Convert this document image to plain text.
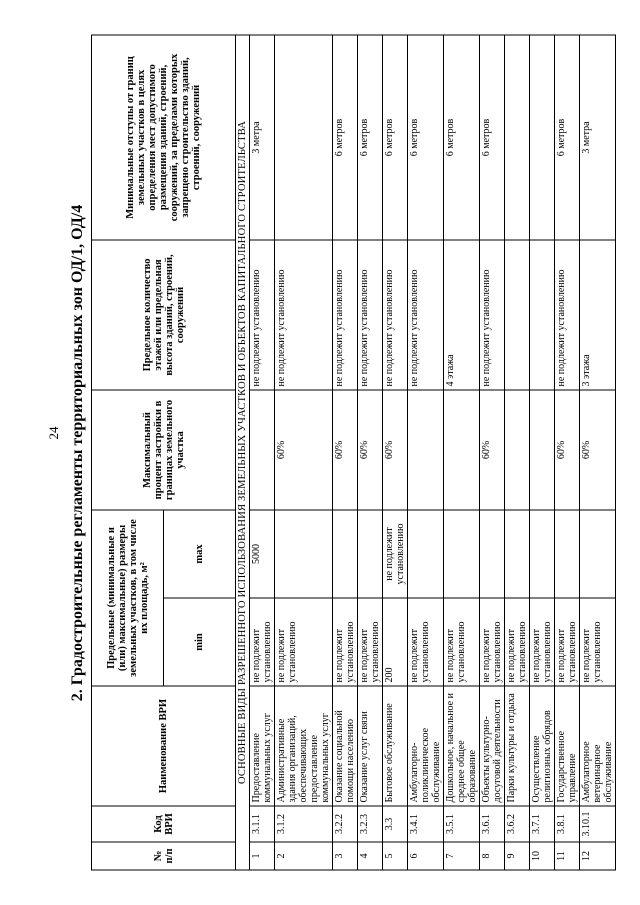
24 2. Градостроительные регламенты территориальных зон ОД/1, ОД/4

№ п/п	Код ВРИ	Наименование ВРИ	Предельные (минимальные и (или) максимальные) размеры земельных участков, в том числе их площадь, м²		Максимальный процент застройки в границах земельного участка	Предельное количество этажей или предельная высота зданий, строений, сооружений	Минимальные отступы от границ земельных участков в целях определения мест допустимого размещения зданий, строений, сооружений, за пределами которых запрещено строительство зданий, строений, сооружений
			min	max			
ОСНОВНЫЕ ВИДЫ РАЗРЕШЕННОГО ИСПОЛЬЗОВАНИЯ ЗЕМЕЛЬНЫХ УЧАСТКОВ И ОБЪЕКТОВ КАПИТАЛЬНОГО СТРОИТЕЛЬСТВА							
1	3.1.1	Предоставление коммунальных услуг	не подлежит установлению	5000		не подлежит установлению	3 метра
2	3.1.2	Административные здания организаций, обеспечивающих предоставление коммунальных услуг	не подлежит установлению		60%	не подлежит установлению	
3	3.2.2	Оказание социальной помощи населению	не подлежит установлению		60%	не подлежит установлению	6 метров
4	3.2.3	Оказание услуг связи	не подлежит установлению		60%	не подлежит установлению	6 метров
5	3.3	Бытовое обслуживание	200	не подлежит установлению	60%	не подлежит установлению	6 метров
6	3.4.1	Амбулаторно-поликлиническое обслуживание	не подлежит установлению			не подлежит установлению	6 метров
7	3.5.1	Дошкольное, начальное и среднее общее образование	не подлежит установлению			4 этажа	6 метров
8	3.6.1	Объекты культурно-досуговой деятельности	не подлежит установлению		60%	не подлежит установлению	6 метров
9	3.6.2	Парки культуры и отдыха	не подлежит установлению				
10	3.7.1	Осуществление религиозных обрядов	не подлежит установлению				
11	3.8.1	Государственное управление	не подлежит установлению		60%	не подлежит установлению	6 метров
12	3.10.1	Амбулаторное ветеринарное обслуживание	не подлежит установлению		60%	3 этажа	3 метра
